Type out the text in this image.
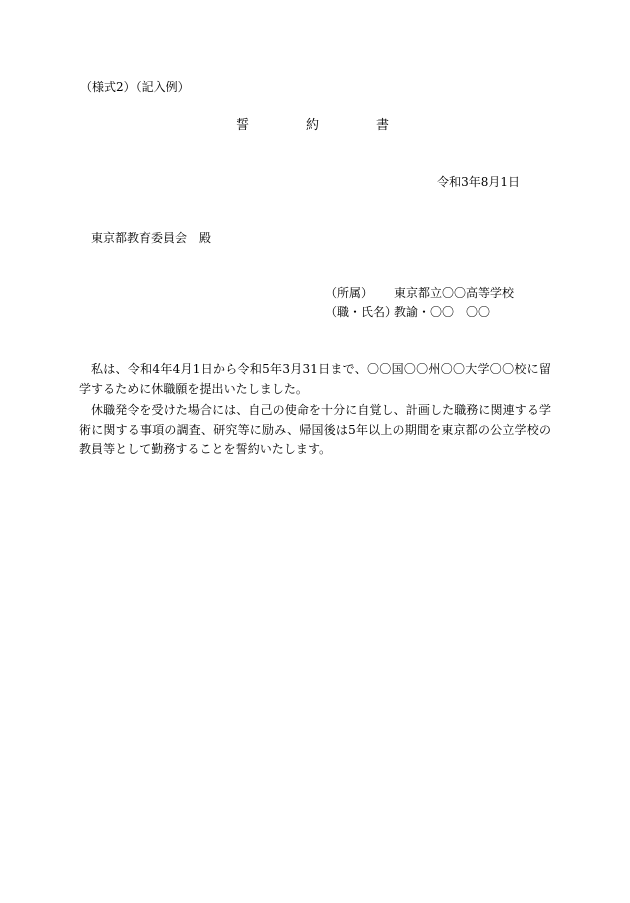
（様式2）（記入例）
誓	約	書
令和3年8月1日
東京都教育委員会 殿
（所属） 東京都立〇〇高等学校
（職・氏名）
教諭・〇〇　〇〇

私は、令和4年4月1日から令和5年3月31日まで、〇〇国〇〇州〇〇大学〇〇校に留学するために休職願を提出いたしました。

休職発令を受けた場合には、自己の使命を十分に自覚し、計画した職務に関連する学術に関する事項の調査、研究等に励み、帰国後は5年以上の期間を東京都の公立学校の教員等として勤務することを誓約いたします。
